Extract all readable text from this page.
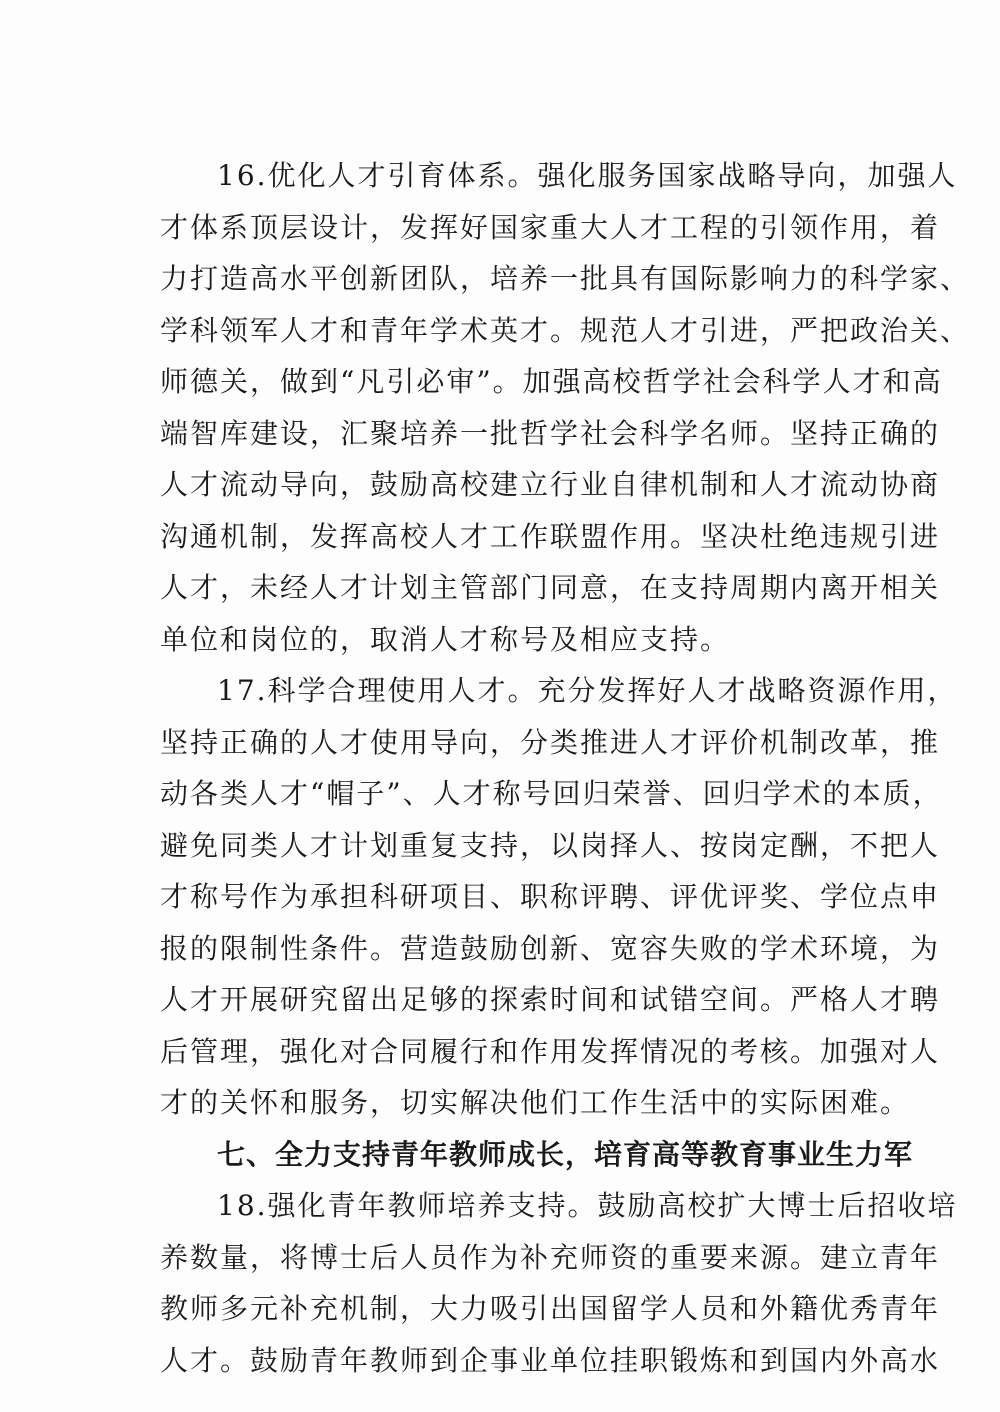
16.优化人才引育体系。强化服务国家战略导向，加强人
才体系顶层设计，发挥好国家重大人才工程的引领作用，着
力打造高水平创新团队，培养一批具有国际影响力的科学家、
学科领军人才和青年学术英才。规范人才引进，严把政治关、
师德关，做到“凡引必审”。加强高校哲学社会科学人才和高
端智库建设，汇聚培养一批哲学社会科学名师。坚持正确的
人才流动导向，鼓励高校建立行业自律机制和人才流动协商
沟通机制，发挥高校人才工作联盟作用。坚决杜绝违规引进
人才，未经人才计划主管部门同意，在支持周期内离开相关
单位和岗位的，取消人才称号及相应支持。
17.科学合理使用人才。充分发挥好人才战略资源作用，
坚持正确的人才使用导向，分类推进人才评价机制改革，推
动各类人才“帽子”、人才称号回归荣誉、回归学术的本质，
避免同类人才计划重复支持，以岗择人、按岗定酬，不把人
才称号作为承担科研项目、职称评聘、评优评奖、学位点申
报的限制性条件。营造鼓励创新、宽容失败的学术环境，为
人才开展研究留出足够的探索时间和试错空间。严格人才聘
后管理，强化对合同履行和作用发挥情况的考核。加强对人
才的关怀和服务，切实解决他们工作生活中的实际困难。
七、全力支持青年教师成长，培育高等教育事业生力军
18.强化青年教师培养支持。鼓励高校扩大博士后招收培
养数量，将博士后人员作为补充师资的重要来源。建立青年
教师多元补充机制，大力吸引出国留学人员和外籍优秀青年
人才。鼓励青年教师到企事业单位挂职锻炼和到国内外高水
